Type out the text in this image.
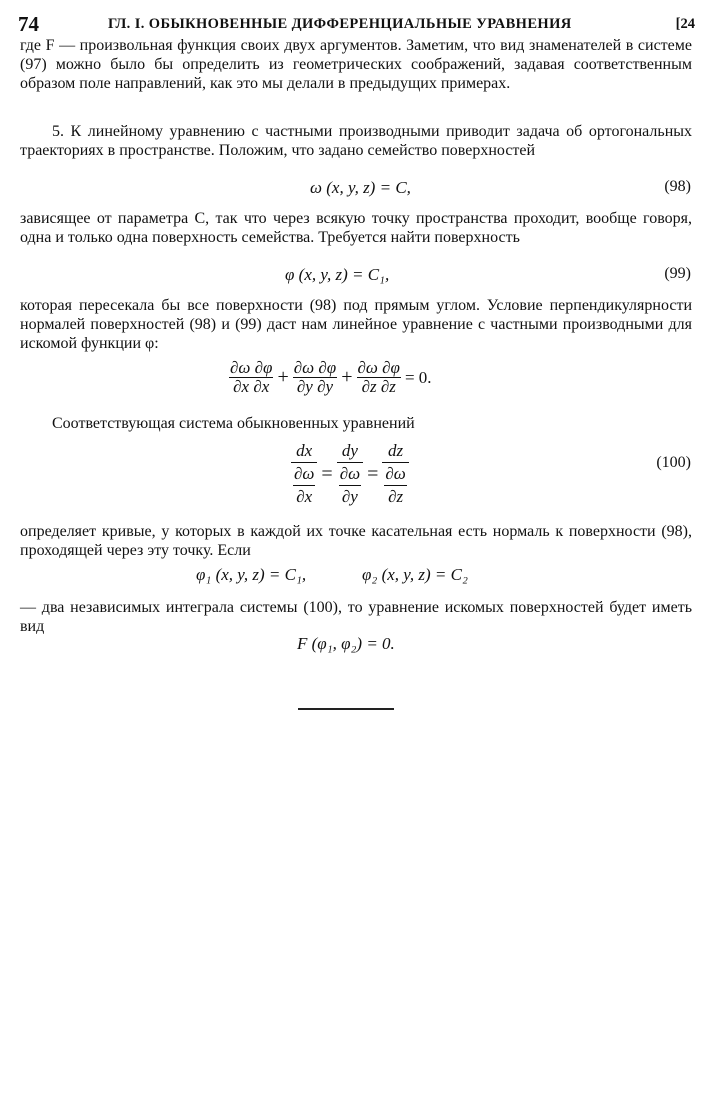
74	ГЛ. I. ОБЫКНОВЕННЫЕ ДИФФЕРЕНЦИАЛЬНЫЕ УРАВНЕНИЯ	[24

где F — произвольная функция своих двух аргументов. Заметим, что вид знаменателей в системе (97) можно было бы определить из геометрических соображений, задавая соответственным образом поле направлений, как это мы делали в предыдущих примерах.

5. К линейному уравнению с частными производными приводит задача об ортогональных траекториях в пространстве. Положим, что задано семейство поверхностей

ω (x, y, z) = C,	(98)

зависящее от параметра C, так что через всякую точку пространства проходит, вообще говоря, одна и только одна поверхность семейства. Требуется найти поверхность

φ (x, y, z) = C₁,	(99)

которая пересекала бы все поверхности (98) под прямым углом. Условие перпендикулярности нормалей поверхностей (98) и (99) даст нам линейное уравнение с частными производными для искомой функции φ:

$\frac{\partial\omega \partial\varphi}{\partial x \partial x} + \frac{\partial\omega \partial\varphi}{\partial y \partial y} + \frac{\partial\omega \partial\varphi}{\partial z \partial z} = 0$.

Соответствующая система обыкновенных уравнений

$\frac{dx}{\frac{\partial\omega}{\partial x}} = \frac{dy}{\frac{\partial\omega}{\partial y}} = \frac{dz}{\frac{\partial\omega}{\partial z}}$	(100)

определяет кривые, у которых в каждой их точке касательная есть нормаль к поверхности (98), проходящей через эту точку. Если

φ₁ (x, y, z) = C₁,	φ₂ (x, y, z) = C₂

— два независимых интеграла системы (100), то уравнение искомых поверхностей будет иметь вид

F (φ₁, φ₂) = 0.
